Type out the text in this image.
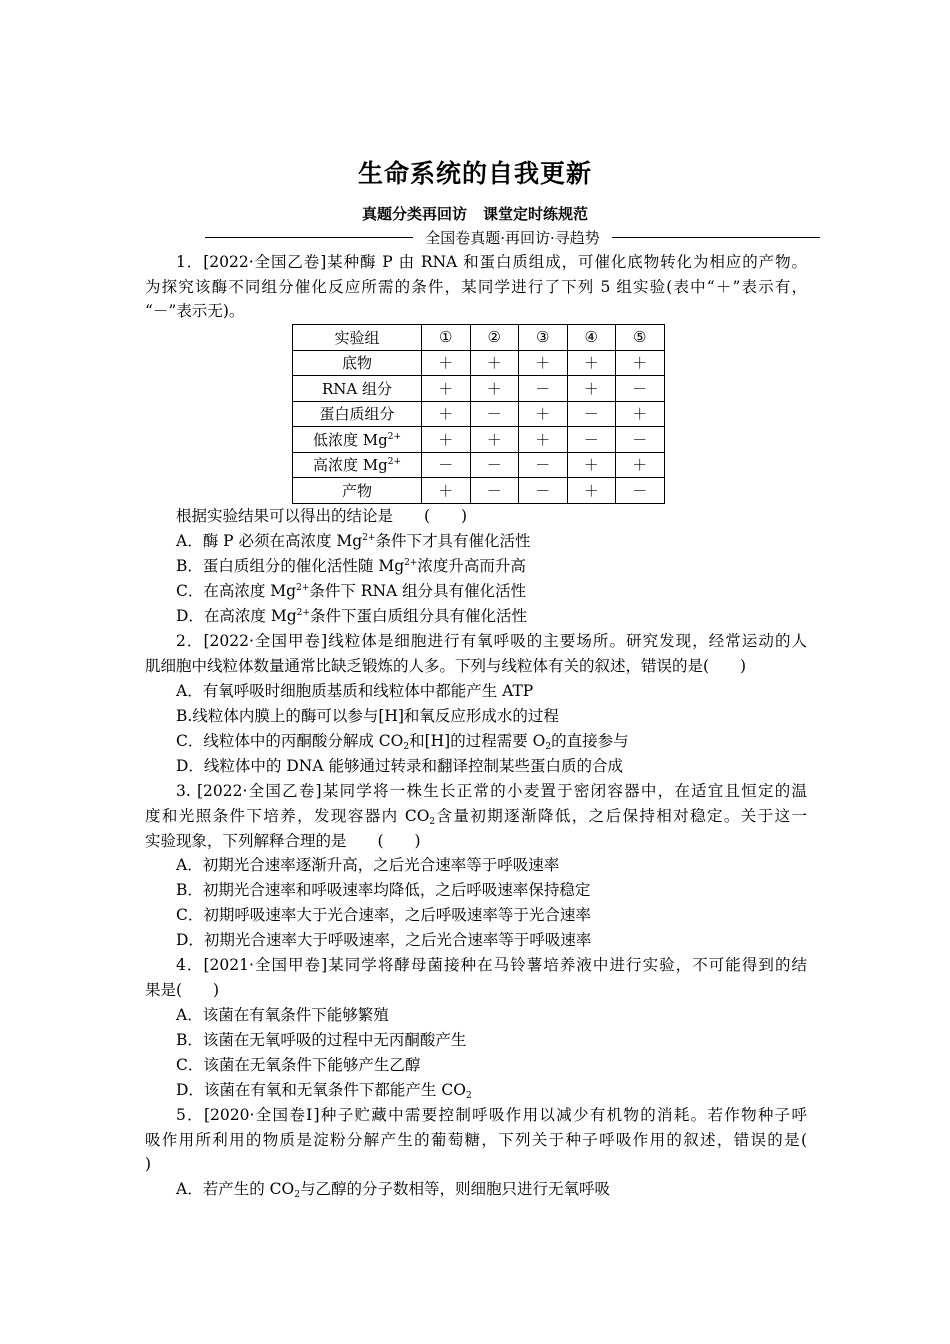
生命系统的自我更新
真题分类再回访 课堂定时练规范
全国卷真题·再回访·寻趋势
1．[2022·全国乙卷]某种酶 P 由 RNA 和蛋白质组成，可催化底物转化为相应的产物。
为探究该酶不同组分催化反应所需的条件，某同学进行了下列 5 组实验(表中“＋”表示有，
“－”表示无)。
实验组	①	②	③	④	⑤
底物	＋	＋	＋	＋	＋
RNA 组分	＋	＋	－	＋	－
蛋白质组分	＋	－	＋	－	＋
低浓度 $Mg^{2+}$	＋	＋	＋	－	－
高浓度 $Mg^{2+}$	－	－	－	＋	＋
产物	＋	－	－	＋	－
根据实验结果可以得出的结论是　　(　　)
A．酶 P 必须在高浓度 $Mg^{2+}$条件下才具有催化活性
B．蛋白质组分的催化活性随 $Mg^{2+}$浓度升高而升高
C．在高浓度 $Mg^{2+}$条件下 RNA 组分具有催化活性
D．在高浓度 $Mg^{2+}$条件下蛋白质组分具有催化活性
2．[2022·全国甲卷]线粒体是细胞进行有氧呼吸的主要场所。研究发现，经常运动的人
肌细胞中线粒体数量通常比缺乏锻炼的人多。下列与线粒体有关的叙述，错误的是(　　)
A．有氧呼吸时细胞质基质和线粒体中都能产生 ATP
B.线粒体内膜上的酶可以参与[H]和氧反应形成水的过程
C．线粒体中的丙酮酸分解成 $CO_2$和[H]的过程需要 $O_2$的直接参与
D．线粒体中的 DNA 能够通过转录和翻译控制某些蛋白质的合成
3. [2022·全国乙卷]某同学将一株生长正常的小麦置于密闭容器中，在适宜且恒定的温
度和光照条件下培养，发现容器内 $CO_2$含量初期逐渐降低，之后保持相对稳定。关于这一
实验现象，下列解释合理的是　　(　　)
A．初期光合速率逐渐升高，之后光合速率等于呼吸速率
B．初期光合速率和呼吸速率均降低，之后呼吸速率保持稳定
C．初期呼吸速率大于光合速率，之后呼吸速率等于光合速率
D．初期光合速率大于呼吸速率，之后光合速率等于呼吸速率
4．[2021·全国甲卷]某同学将酵母菌接种在马铃薯培养液中进行实验，不可能得到的结
果是(　　)
A．该菌在有氧条件下能够繁殖
B．该菌在无氧呼吸的过程中无丙酮酸产生
C．该菌在无氧条件下能够产生乙醇
D．该菌在有氧和无氧条件下都能产生 $CO_2$
5．[2020·全国卷Ⅰ]种子贮藏中需要控制呼吸作用以减少有机物的消耗。若作物种子呼
吸作用所利用的物质是淀粉分解产生的葡萄糖，下列关于种子呼吸作用的叙述，错误的是(
)
A．若产生的 $CO_2$与乙醇的分子数相等，则细胞只进行无氧呼吸
